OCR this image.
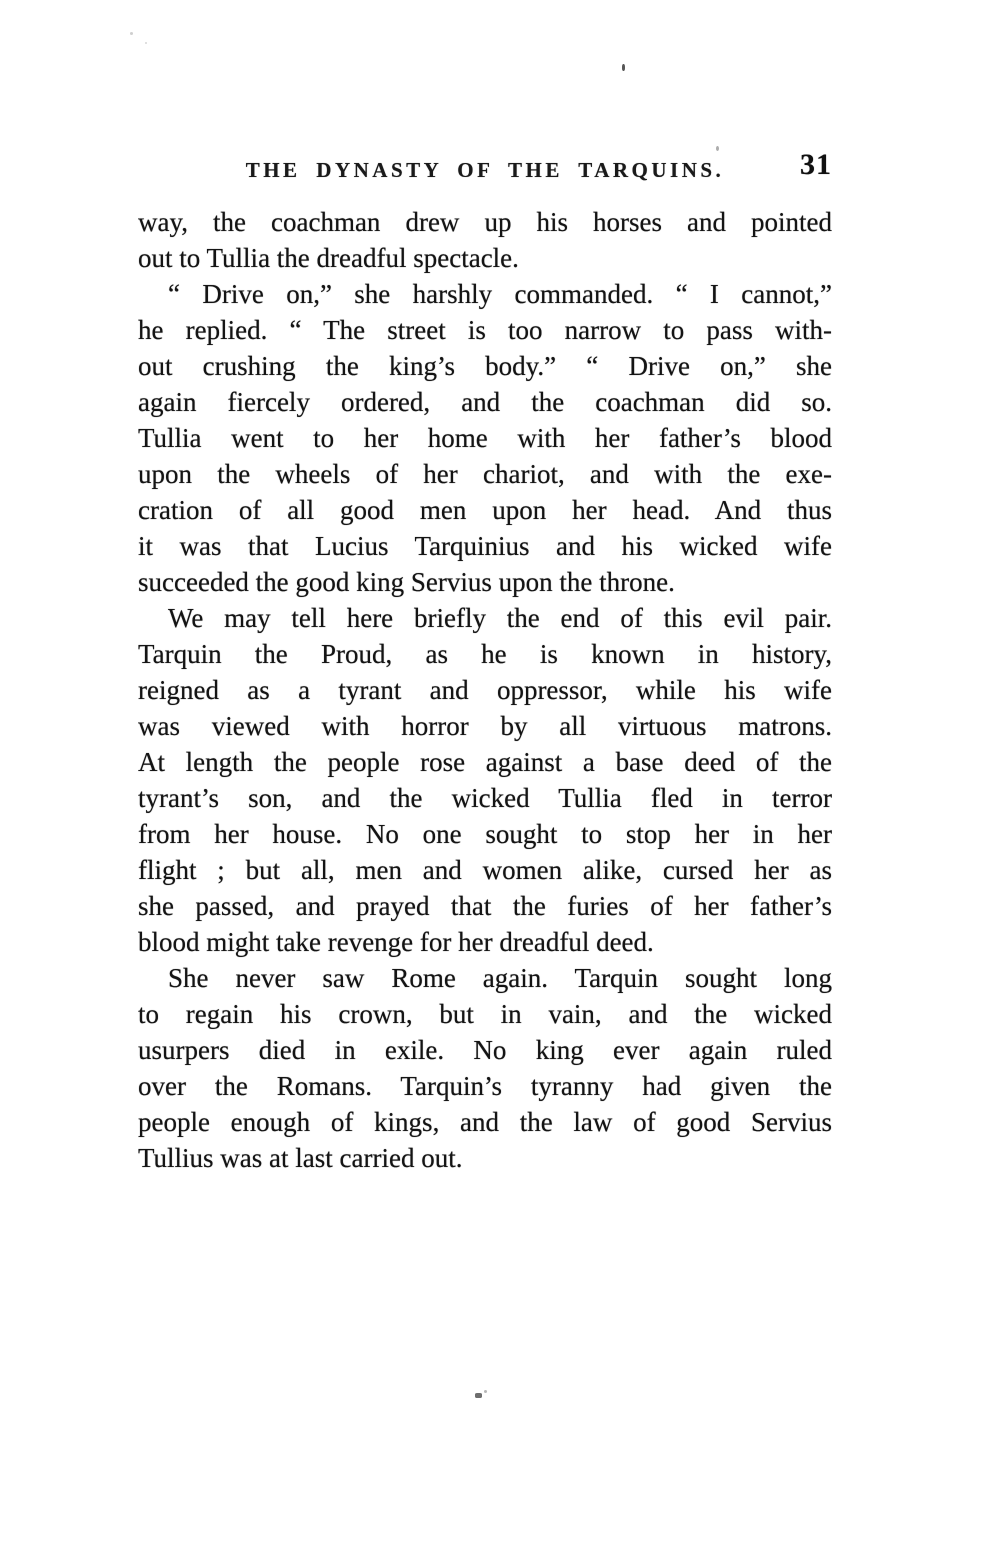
THE DYNASTY OF THE TARQUINS.	31
way, the coachman drew up his horses and pointed
out to Tullia the dreadful spectacle.
“ Drive on,” she harshly commanded. “ I cannot,”
he replied. “ The street is too narrow to pass with-
out crushing the king’s body.” “ Drive on,” she
again fiercely ordered, and the coachman did so.
Tullia went to her home with her father’s blood
upon the wheels of her chariot, and with the exe-
cration of all good men upon her head. And thus
it was that Lucius Tarquinius and his wicked wife
succeeded the good king Servius upon the throne.
We may tell here briefly the end of this evil pair.
Tarquin the Proud, as he is known in history,
reigned as a tyrant and oppressor, while his wife
was viewed with horror by all virtuous matrons.
At length the people rose against a base deed of the
tyrant’s son, and the wicked Tullia fled in terror
from her house. No one sought to stop her in her
flight ; but all, men and women alike, cursed her as
she passed, and prayed that the furies of her father’s
blood might take revenge for her dreadful deed.
She never saw Rome again. Tarquin sought long
to regain his crown, but in vain, and the wicked
usurpers died in exile. No king ever again ruled
over the Romans. Tarquin’s tyranny had given the
people enough of kings, and the law of good Servius
Tullius was at last carried out.
